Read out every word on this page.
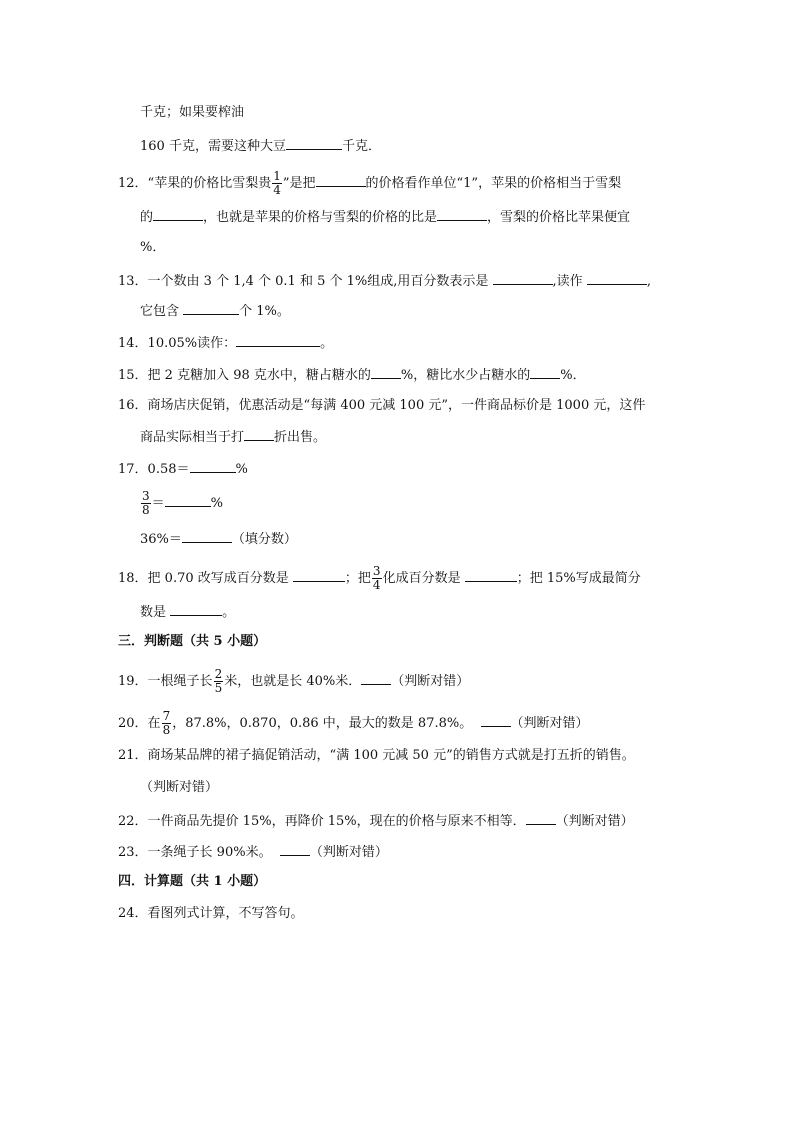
千克；如果要榨油
160 千克，需要这种大豆	千克．
12．“苹果的价格比雪梨贵 $\frac{1}{4}$ ”是把	的价格看作单位“1”，苹果的价格相当于雪梨
的	，也就是苹果的价格与雪梨的价格的比是	，雪梨的价格比苹果便宜
%．
13．一个数由 3 个 1,4 个 0.1 和 5 个 1%组成,用百分数表示是	,读作	,
它包含	个 1%。
14．10.05%读作：	。
15．把 2 克糖加入 98 克水中，糖占糖水的 %，糖比水少占糖水的 %．
16．商场店庆促销，优惠活动是“每满 400 元减 100 元”，一件商品标价是 1000 元，这件
商品实际相当于打 折出售。
17．0.58＝	%
$\frac{3}{8}$ ＝	%
36%＝	（填分数）
18．把 0.70 改写成百分数是	；把 $\frac{3}{4}$ 化成百分数是	；把 15%写成最简分
数是	。
三．判断题（共 5 小题）
19．一根绳子长 $\frac{2}{5}$ 米，也就是长 40%米． （判断对错）
20．在 $\frac{7}{8}$ ，87.8%，0.870，0.86 中，最大的数是 87.8%。	（判断对错）
21．商场某品牌的裙子搞促销活动，“满 100 元减 50 元”的销售方式就是打五折的销售。
（判断对错）
22．一件商品先提价 15%，再降价 15%，现在的价格与原来不相等． （判断对错）
23．一条绳子长 90%米。	（判断对错）
四．计算题（共 1 小题）
24．看图列式计算，不写答句。
